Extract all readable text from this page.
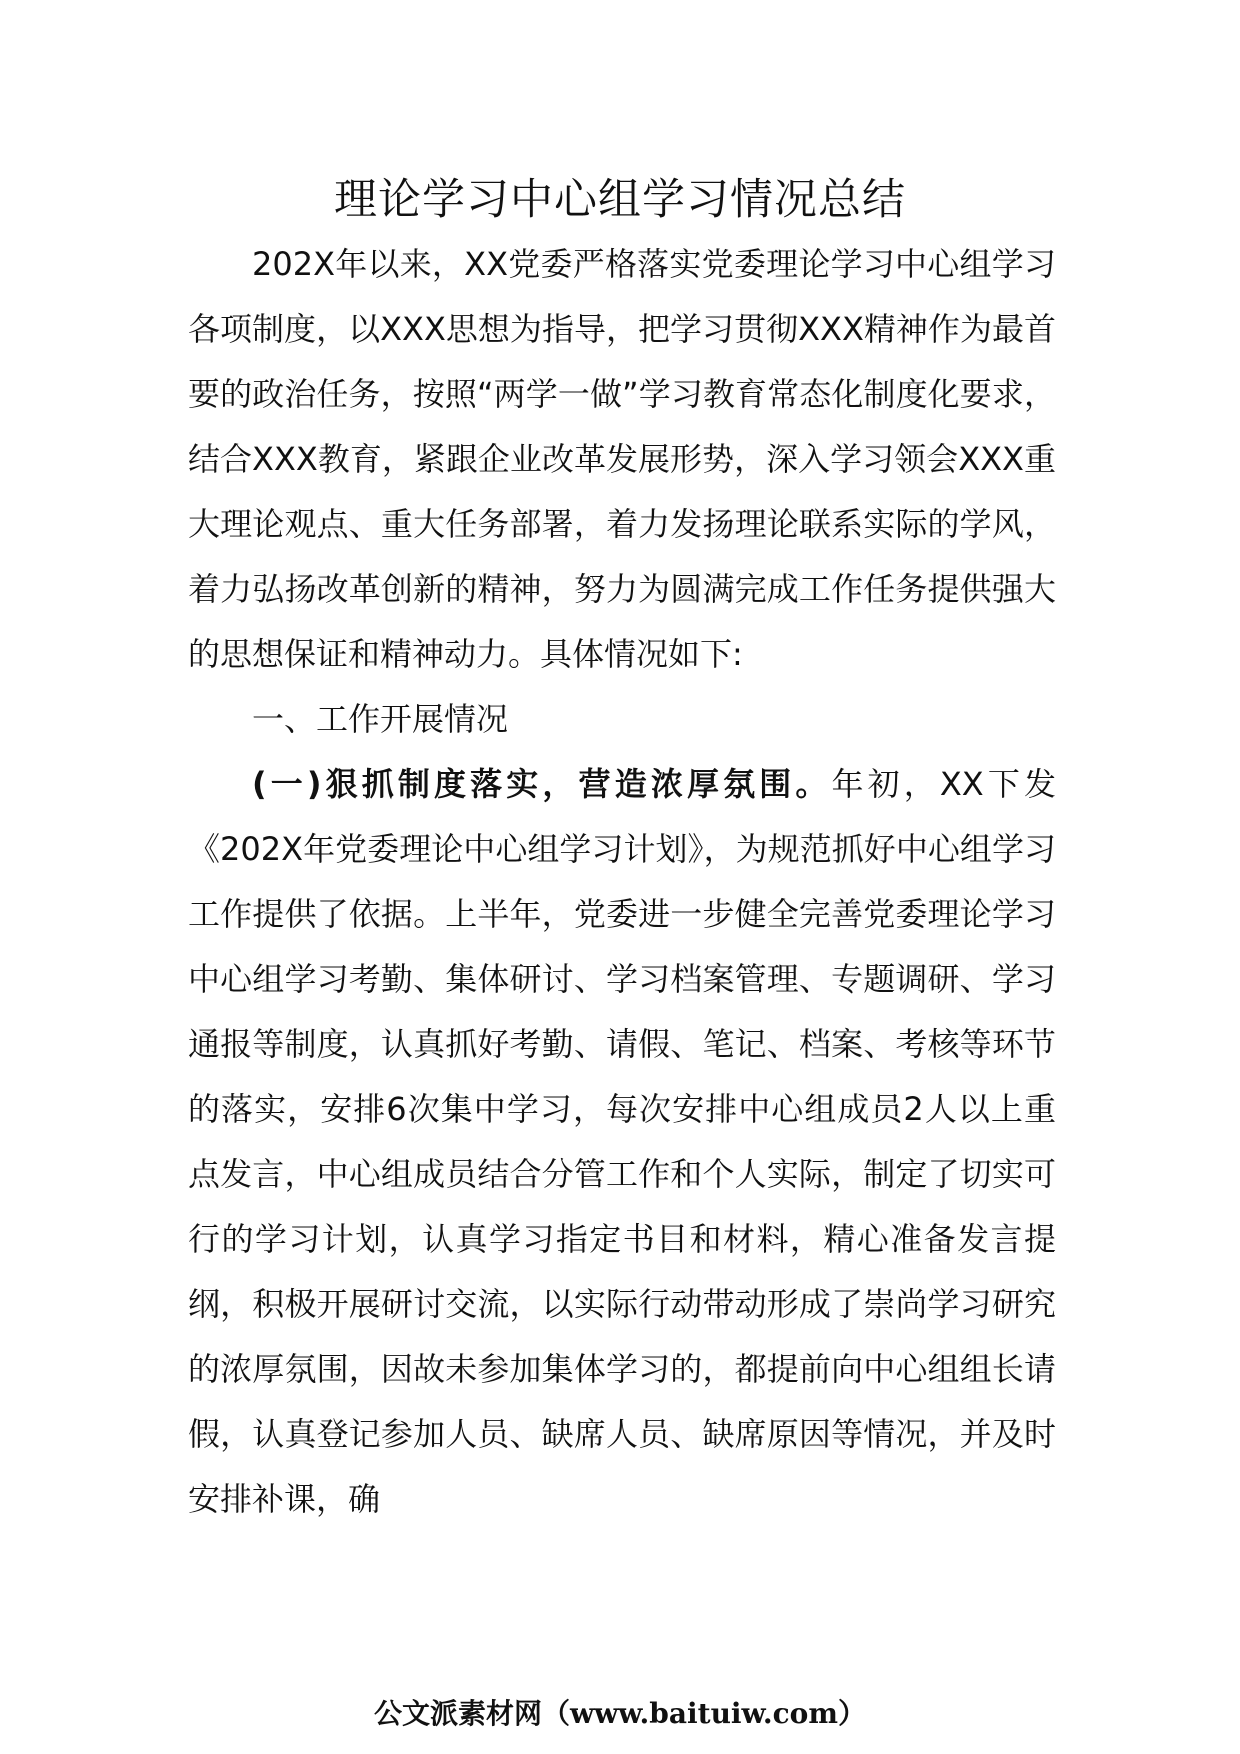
理论学习中心组学习情况总结

202X年以来，XX党委严格落实党委理论学习中心组学习各项制度，以XXX思想为指导，把学习贯彻XXX精神作为最首要的政治任务，按照“两学一做”学习教育常态化制度化要求，结合XXX教育，紧跟企业改革发展形势，深入学习领会XXX重大理论观点、重大任务部署，着力发扬理论联系实际的学风，着力弘扬改革创新的精神，努力为圆满完成工作任务提供强大的思想保证和精神动力。具体情况如下:

一、工作开展情况

(一)狠抓制度落实，营造浓厚氛围。年初，XX下发《202X年党委理论中心组学习计划》，为规范抓好中心组学习工作提供了依据。上半年，党委进一步健全完善党委理论学习中心组学习考勤、集体研讨、学习档案管理、专题调研、学习通报等制度，认真抓好考勤、请假、笔记、档案、考核等环节的落实，安排6次集中学习，每次安排中心组成员2人以上重点发言，中心组成员结合分管工作和个人实际，制定了切实可行的学习计划，认真学习指定书目和材料，精心准备发言提纲，积极开展研讨交流，以实际行动带动形成了崇尚学习研究的浓厚氛围，因故未参加集体学习的，都提前向中心组组长请假，认真登记参加人员、缺席人员、缺席原因等情况，并及时安排补课，确

公文派素材网（www.baituiw.com）
